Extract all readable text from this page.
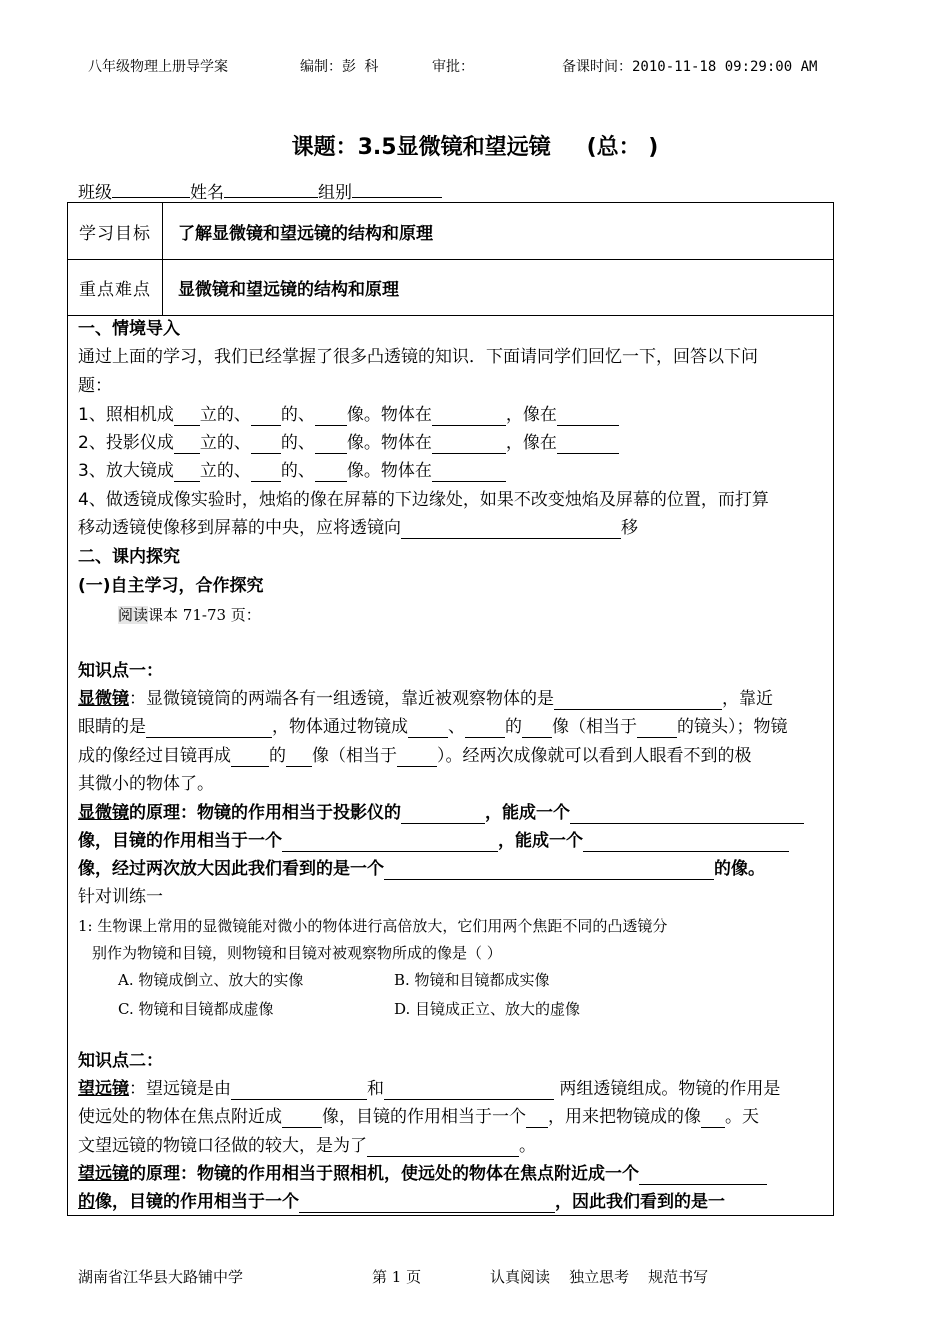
八年级物理上册导学案	编制：彭 科	审批：	备课时间：2010-11-18 09:29:00 AM
课题：3.5显微镜和望远镜 (总： )
班级	姓名	组别
学习目标	了解显微镜和望远镜的结构和原理
重点难点	显微镜和望远镜的结构和原理
一、情境导入
通过上面的学习，我们已经掌握了很多凸透镜的知识．下面请同学们回忆一下，回答以下问
题：
1、照相机成 立的、 的、 像。物体在	，像在
2、投影仪成 立的、 的、 像。物体在	，像在
3、放大镜成 立的、 的、 像。物体在
4、做透镜成像实验时，烛焰的像在屏幕的下边缘处，如果不改变烛焰及屏幕的位置，而打算
移动透镜使像移到屏幕的中央，应将透镜向	移
二、课内探究
(一)自主学习，合作探究
阅读课本 71-73 页：
知识点一：
显微镜：显微镜镜筒的两端各有一组透镜，靠近被观察物体的是	，靠近
眼睛的是	，物体通过物镜成 、 的 像（相当于 的镜头）；物镜
成的像经过目镜再成 的 像（相当于 ）。经两次成像就可以看到人眼看不到的极
其微小的物体了。
显微镜的原理：物镜的作用相当于投影仪的	，能成一个
像，目镜的作用相当于一个	，能成一个
像，经过两次放大因此我们看到的是一个	的像。
针对训练一
1: 生物课上常用的显微镜能对微小的物体进行高倍放大，它们用两个焦距不同的凸透镜分
别作为物镜和目镜，则物镜和目镜对被观察物所成的像是（ ）
A. 物镜成倒立、放大的实像	B. 物镜和目镜都成实像
C. 物镜和目镜都成虚像	D. 目镜成正立、放大的虚像
知识点二：
望远镜：望远镜是由	和	两组透镜组成。物镜的作用是
使远处的物体在焦点附近成 像，目镜的作用相当于一个 ，用来把物镜成的像 。天
文望远镜的物镜口径做的较大，是为了	。
望远镜的原理：物镜的作用相当于照相机，使远处的物体在焦点附近成一个
的像，目镜的作用相当于一个	，因此我们看到的是一
湖南省江华县大路铺中学	第 1 页	认真阅读    独立思考    规范书写
